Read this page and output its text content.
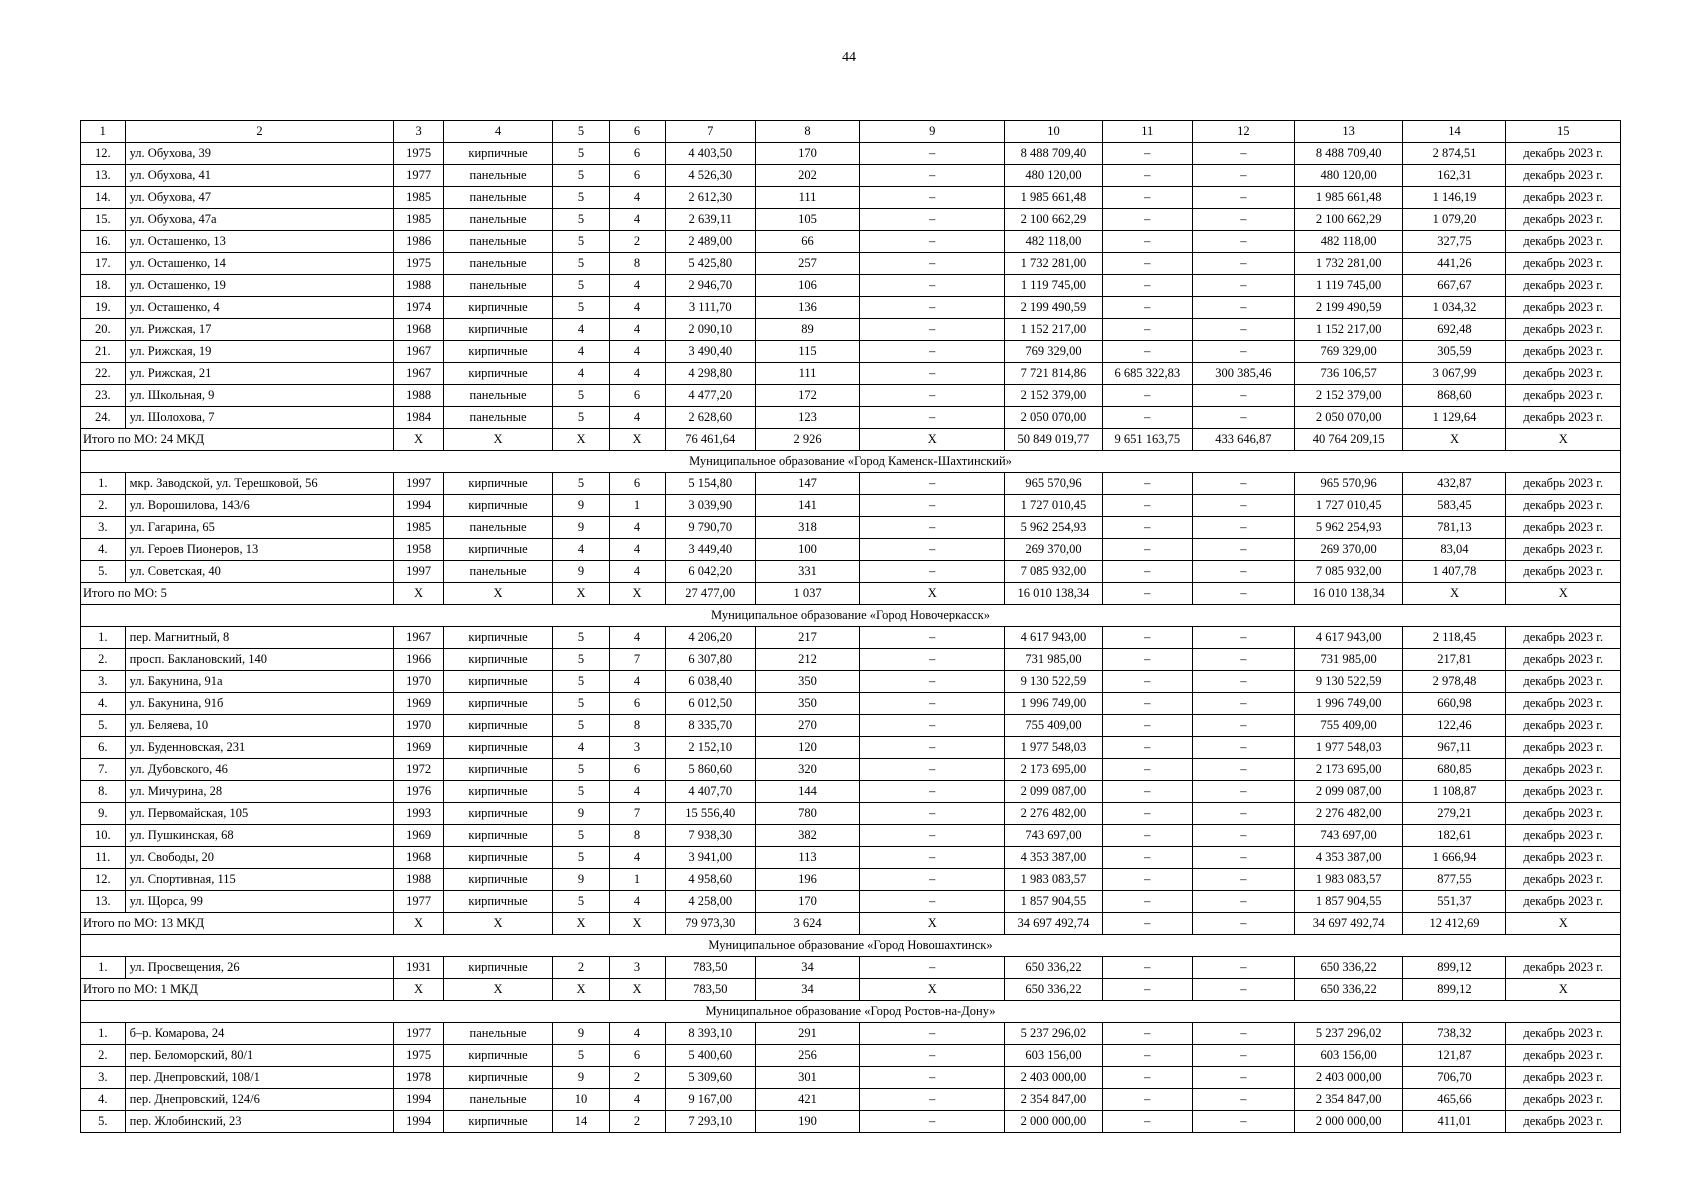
44
1	2	3	4	5	6	7	8	9	10	11	12	13	14	15
12.	ул. Обухова, 39	1975	кирпичные	5	6	4 403,50	170	–	8 488 709,40	–	–	8 488 709,40	2 874,51	декабрь 2023 г.
13.	ул. Обухова, 41	1977	панельные	5	6	4 526,30	202	–	480 120,00	–	–	480 120,00	162,31	декабрь 2023 г.
14.	ул. Обухова, 47	1985	панельные	5	4	2 612,30	111	–	1 985 661,48	–	–	1 985 661,48	1 146,19	декабрь 2023 г.
15.	ул. Обухова, 47а	1985	панельные	5	4	2 639,11	105	–	2 100 662,29	–	–	2 100 662,29	1 079,20	декабрь 2023 г.
16.	ул. Осташенко, 13	1986	панельные	5	2	2 489,00	66	–	482 118,00	–	–	482 118,00	327,75	декабрь 2023 г.
17.	ул. Осташенко, 14	1975	панельные	5	8	5 425,80	257	–	1 732 281,00	–	–	1 732 281,00	441,26	декабрь 2023 г.
18.	ул. Осташенко, 19	1988	панельные	5	4	2 946,70	106	–	1 119 745,00	–	–	1 119 745,00	667,67	декабрь 2023 г.
19.	ул. Осташенко, 4	1974	кирпичные	5	4	3 111,70	136	–	2 199 490,59	–	–	2 199 490,59	1 034,32	декабрь 2023 г.
20.	ул. Рижская, 17	1968	кирпичные	4	4	2 090,10	89	–	1 152 217,00	–	–	1 152 217,00	692,48	декабрь 2023 г.
21.	ул. Рижская, 19	1967	кирпичные	4	4	3 490,40	115	–	769 329,00	–	–	769 329,00	305,59	декабрь 2023 г.
22.	ул. Рижская, 21	1967	кирпичные	4	4	4 298,80	111	–	7 721 814,86	6 685 322,83	300 385,46	736 106,57	3 067,99	декабрь 2023 г.
23.	ул. Школьная, 9	1988	панельные	5	6	4 477,20	172	–	2 152 379,00	–	–	2 152 379,00	868,60	декабрь 2023 г.
24.	ул. Шолохова, 7	1984	панельные	5	4	2 628,60	123	–	2 050 070,00	–	–	2 050 070,00	1 129,64	декабрь 2023 г.
Итого по МО: 24 МКД		X	X	X	X	76 461,64	2 926	X	50 849 019,77	9 651 163,75	433 646,87	40 764 209,15	X	X
Муниципальное образование «Город Каменск-Шахтинский»														
1.	мкр. Заводской, ул. Терешковой, 56	1997	кирпичные	5	6	5 154,80	147	–	965 570,96	–	–	965 570,96	432,87	декабрь 2023 г.
2.	ул. Ворошилова, 143/6	1994	кирпичные	9	1	3 039,90	141	–	1 727 010,45	–	–	1 727 010,45	583,45	декабрь 2023 г.
3.	ул. Гагарина, 65	1985	панельные	9	4	9 790,70	318	–	5 962 254,93	–	–	5 962 254,93	781,13	декабрь 2023 г.
4.	ул. Героев Пионеров, 13	1958	кирпичные	4	4	3 449,40	100	–	269 370,00	–	–	269 370,00	83,04	декабрь 2023 г.
5.	ул. Советская, 40	1997	панельные	9	4	6 042,20	331	–	7 085 932,00	–	–	7 085 932,00	1 407,78	декабрь 2023 г.
Итого по МО: 5		X	X	X	X	27 477,00	1 037	X	16 010 138,34	–	–	16 010 138,34	X	X
Муниципальное образование «Город Новочеркасск»														
1.	пер. Магнитный, 8	1967	кирпичные	5	4	4 206,20	217	–	4 617 943,00	–	–	4 617 943,00	2 118,45	декабрь 2023 г.
2.	просп. Баклановский, 140	1966	кирпичные	5	7	6 307,80	212	–	731 985,00	–	–	731 985,00	217,81	декабрь 2023 г.
3.	ул. Бакунина, 91а	1970	кирпичные	5	4	6 038,40	350	–	9 130 522,59	–	–	9 130 522,59	2 978,48	декабрь 2023 г.
4.	ул. Бакунина, 91б	1969	кирпичные	5	6	6 012,50	350	–	1 996 749,00	–	–	1 996 749,00	660,98	декабрь 2023 г.
5.	ул. Беляева, 10	1970	кирпичные	5	8	8 335,70	270	–	755 409,00	–	–	755 409,00	122,46	декабрь 2023 г.
6.	ул. Буденновская, 231	1969	кирпичные	4	3	2 152,10	120	–	1 977 548,03	–	–	1 977 548,03	967,11	декабрь 2023 г.
7.	ул. Дубовского, 46	1972	кирпичные	5	6	5 860,60	320	–	2 173 695,00	–	–	2 173 695,00	680,85	декабрь 2023 г.
8.	ул. Мичурина, 28	1976	кирпичные	5	4	4 407,70	144	–	2 099 087,00	–	–	2 099 087,00	1 108,87	декабрь 2023 г.
9.	ул. Первомайская, 105	1993	кирпичные	9	7	15 556,40	780	–	2 276 482,00	–	–	2 276 482,00	279,21	декабрь 2023 г.
10.	ул. Пушкинская, 68	1969	кирпичные	5	8	7 938,30	382	–	743 697,00	–	–	743 697,00	182,61	декабрь 2023 г.
11.	ул. Свободы, 20	1968	кирпичные	5	4	3 941,00	113	–	4 353 387,00	–	–	4 353 387,00	1 666,94	декабрь 2023 г.
12.	ул. Спортивная, 115	1988	кирпичные	9	1	4 958,60	196	–	1 983 083,57	–	–	1 983 083,57	877,55	декабрь 2023 г.
13.	ул. Щорса, 99	1977	кирпичные	5	4	4 258,00	170	–	1 857 904,55	–	–	1 857 904,55	551,37	декабрь 2023 г.
Итого по МО: 13 МКД		X	X	X	X	79 973,30	3 624	X	34 697 492,74	–	–	34 697 492,74	12 412,69	X
Муниципальное образование «Город Новошахтинск»														
1.	ул. Просвещения, 26	1931	кирпичные	2	3	783,50	34	–	650 336,22	–	–	650 336,22	899,12	декабрь 2023 г.
Итого по МО: 1 МКД		X	X	X	X	783,50	34	X	650 336,22	–	–	650 336,22	899,12	X
Муниципальное образование «Город Ростов-на-Дону»														
1.	б–р. Комарова, 24	1977	панельные	9	4	8 393,10	291	–	5 237 296,02	–	–	5 237 296,02	738,32	декабрь 2023 г.
2.	пер. Беломорский, 80/1	1975	кирпичные	5	6	5 400,60	256	–	603 156,00	–	–	603 156,00	121,87	декабрь 2023 г.
3.	пер. Днепровский, 108/1	1978	кирпичные	9	2	5 309,60	301	–	2 403 000,00	–	–	2 403 000,00	706,70	декабрь 2023 г.
4.	пер. Днепровский, 124/6	1994	панельные	10	4	9 167,00	421	–	2 354 847,00	–	–	2 354 847,00	465,66	декабрь 2023 г.
5.	пер. Жлобинский, 23	1994	кирпичные	14	2	7 293,10	190	–	2 000 000,00	–	–	2 000 000,00	411,01	декабрь 2023 г.
